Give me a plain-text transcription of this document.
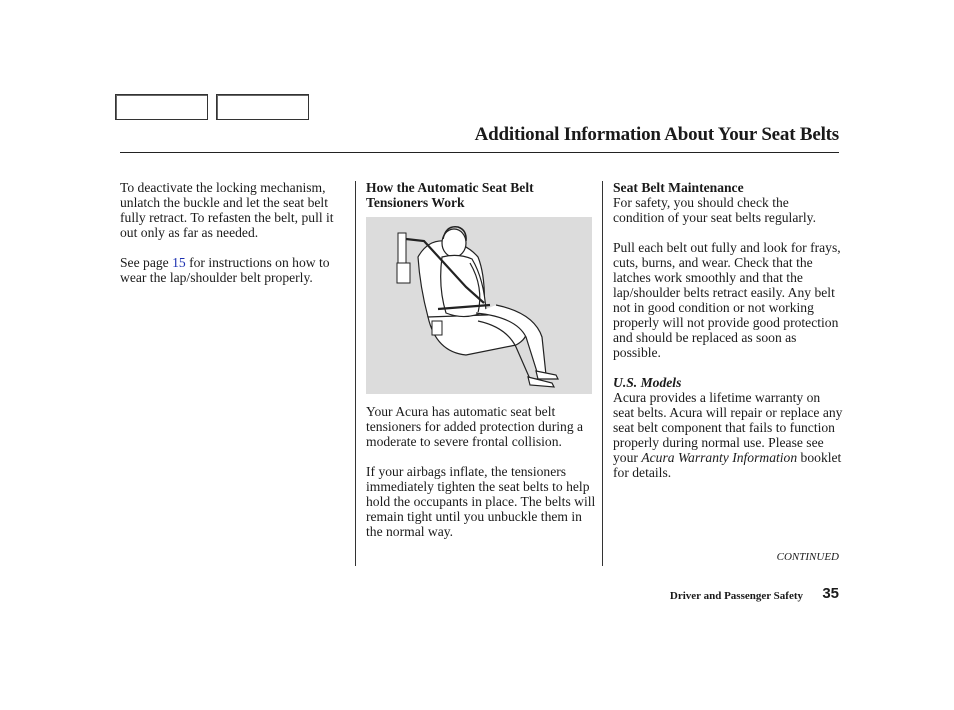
Additional Information About Your Seat Belts

To deactivate the locking mechanism, unlatch the buckle and let the seat belt fully retract. To refasten the belt, pull it out only as far as needed.

See page 15 for instructions on how to wear the lap/shoulder belt properly.

How the Automatic Seat Belt Tensioners Work

Your Acura has automatic seat belt tensioners for added protection during a moderate to severe frontal collision.

If your airbags inflate, the tensioners immediately tighten the seat belts to help hold the occupants in place. The belts will remain tight until you unbuckle them in the normal way.

Seat Belt Maintenance

For safety, you should check the condition of your seat belts regularly.

Pull each belt out fully and look for frays, cuts, burns, and wear. Check that the latches work smoothly and that the lap/shoulder belts retract easily. Any belt not in good condition or not working properly will not provide good protection and should be replaced as soon as possible.

U.S. Models

Acura provides a lifetime warranty on seat belts. Acura will repair or replace any seat belt component that fails to function properly during normal use. Please see your Acura Warranty Information booklet for details.

CONTINUED
Driver and Passenger Safety	35
